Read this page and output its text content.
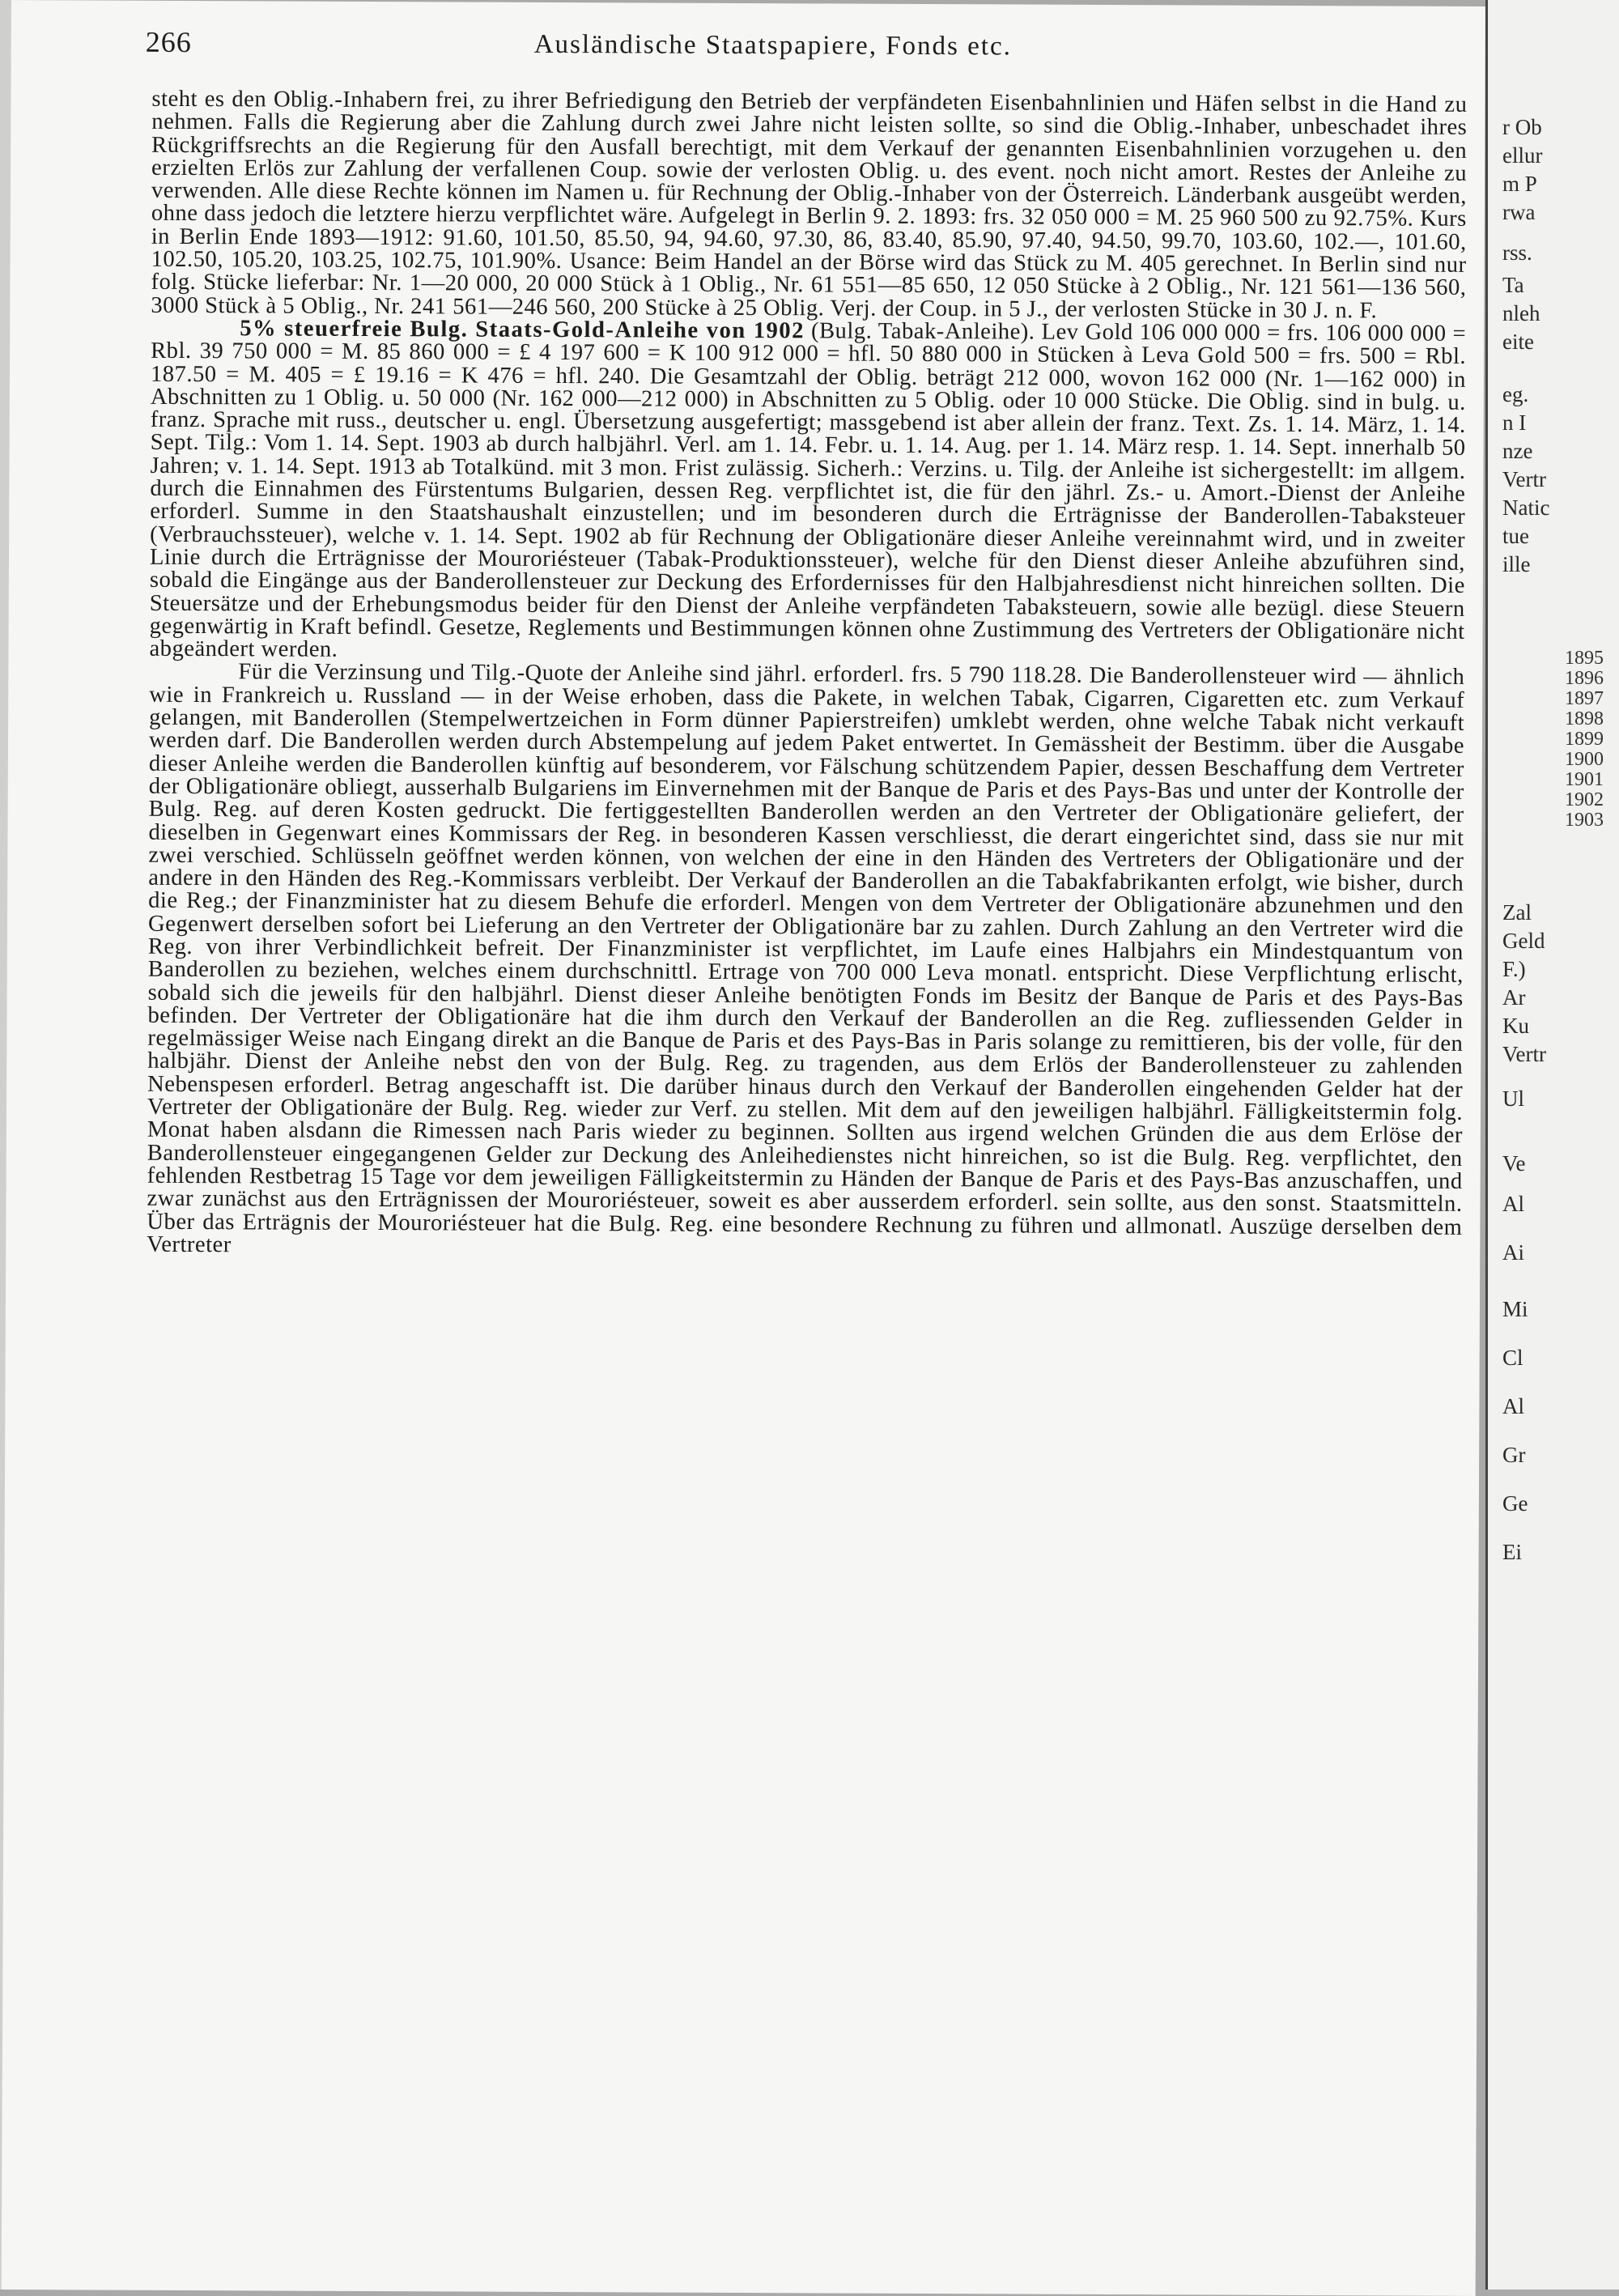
266	Ausländische Staatspapiere, Fonds etc.

steht es den Oblig.-Inhabern frei, zu ihrer Befriedigung den Betrieb der verpfändeten Eisenbahnlinien und Häfen selbst in die Hand zu nehmen. Falls die Regierung aber die Zahlung durch zwei Jahre nicht leisten sollte, so sind die Oblig.-Inhaber, unbeschadet ihres Rückgriffsrechts an die Regierung für den Ausfall berechtigt, mit dem Verkauf der genannten Eisenbahnlinien vorzugehen u. den erzielten Erlös zur Zahlung der verfallenen Coup. sowie der verlosten Oblig. u. des event. noch nicht amort. Restes der Anleihe zu verwenden. Alle diese Rechte können im Namen u. für Rechnung der Oblig.-Inhaber von der Österreich. Länderbank ausgeübt werden, ohne dass jedoch die letztere hierzu verpflichtet wäre. Aufgelegt in Berlin 9. 2. 1893: frs. 32 050 000 = M. 25 960 500 zu 92.75%. Kurs in Berlin Ende 1893—1912: 91.60, 101.50, 85.50, 94, 94.60, 97.30, 86, 83.40, 85.90, 97.40, 94.50, 99.70, 103.60, 102.—, 101.60, 102.50, 105.20, 103.25, 102.75, 101.90%. Usance: Beim Handel an der Börse wird das Stück zu M. 405 gerechnet. In Berlin sind nur folg. Stücke lieferbar: Nr. 1—20 000, 20 000 Stück à 1 Oblig., Nr. 61 551—85 650, 12 050 Stücke à 2 Oblig., Nr. 121 561—136 560, 3000 Stück à 5 Oblig., Nr. 241 561—246 560, 200 Stücke à 25 Oblig. Verj. der Coup. in 5 J., der verlosten Stücke in 30 J. n. F.

5% steuerfreie Bulg. Staats-Gold-Anleihe von 1902 (Bulg. Tabak-Anleihe). Lev Gold 106 000 000 = frs. 106 000 000 = Rbl. 39 750 000 = M. 85 860 000 = £ 4 197 600 = K 100 912 000 = hfl. 50 880 000 in Stücken à Leva Gold 500 = frs. 500 = Rbl. 187.50 = M. 405 = £ 19.16 = K 476 = hfl. 240. Die Gesamtzahl der Oblig. beträgt 212 000, wovon 162 000 (Nr. 1—162 000) in Abschnitten zu 1 Oblig. u. 50 000 (Nr. 162 000—212 000) in Abschnitten zu 5 Oblig. oder 10 000 Stücke. Die Oblig. sind in bulg. u. franz. Sprache mit russ., deutscher u. engl. Übersetzung ausgefertigt; massgebend ist aber allein der franz. Text. Zs. 1. 14. März, 1. 14. Sept. Tilg.: Vom 1. 14. Sept. 1903 ab durch halbjährl. Verl. am 1. 14. Febr. u. 1. 14. Aug. per 1. 14. März resp. 1. 14. Sept. innerhalb 50 Jahren; v. 1. 14. Sept. 1913 ab Totalkünd. mit 3 mon. Frist zulässig. Sicherh.: Verzins. u. Tilg. der Anleihe ist sichergestellt: im allgem. durch die Einnahmen des Fürstentums Bulgarien, dessen Reg. verpflichtet ist, die für den jährl. Zs.- u. Amort.-Dienst der Anleihe erforderl. Summe in den Staatshaushalt einzustellen; und im besonderen durch die Erträgnisse der Banderollen-Tabaksteuer (Verbrauchssteuer), welche v. 1. 14. Sept. 1902 ab für Rechnung der Obligationäre dieser Anleihe vereinnahmt wird, und in zweiter Linie durch die Erträgnisse der Mouroriésteuer (Tabak-Produktionssteuer), welche für den Dienst dieser Anleihe abzuführen sind, sobald die Eingänge aus der Banderollensteuer zur Deckung des Erfordernisses für den Halbjahresdienst nicht hinreichen sollten. Die Steuersätze und der Erhebungsmodus beider für den Dienst der Anleihe verpfändeten Tabaksteuern, sowie alle bezügl. diese Steuern gegenwärtig in Kraft befindl. Gesetze, Reglements und Bestimmungen können ohne Zustimmung des Vertreters der Obligationäre nicht abgeändert werden.

Für die Verzinsung und Tilg.-Quote der Anleihe sind jährl. erforderl. frs. 5 790 118.28. Die Banderollensteuer wird — ähnlich wie in Frankreich u. Russland — in der Weise erhoben, dass die Pakete, in welchen Tabak, Cigarren, Cigaretten etc. zum Verkauf gelangen, mit Banderollen (Stempelwertzeichen in Form dünner Papierstreifen) umklebt werden, ohne welche Tabak nicht verkauft werden darf. Die Banderollen werden durch Abstempelung auf jedem Paket entwertet. In Gemässheit der Bestimm. über die Ausgabe dieser Anleihe werden die Banderollen künftig auf besonderem, vor Fälschung schützendem Papier, dessen Beschaffung dem Vertreter der Obligationäre obliegt, ausserhalb Bulgariens im Einvernehmen mit der Banque de Paris et des Pays-Bas und unter der Kontrolle der Bulg. Reg. auf deren Kosten gedruckt. Die fertiggestellten Banderollen werden an den Vertreter der Obligationäre geliefert, der dieselben in Gegenwart eines Kommissars der Reg. in besonderen Kassen verschliesst, die derart eingerichtet sind, dass sie nur mit zwei verschied. Schlüsseln geöffnet werden können, von welchen der eine in den Händen des Vertreters der Obligationäre und der andere in den Händen des Reg.-Kommissars verbleibt. Der Verkauf der Banderollen an die Tabakfabrikanten erfolgt, wie bisher, durch die Reg.; der Finanzminister hat zu diesem Behufe die erforderl. Mengen von dem Vertreter der Obligationäre abzunehmen und den Gegenwert derselben sofort bei Lieferung an den Vertreter der Obligationäre bar zu zahlen. Durch Zahlung an den Vertreter wird die Reg. von ihrer Verbindlichkeit befreit. Der Finanzminister ist verpflichtet, im Laufe eines Halbjahrs ein Mindestquantum von Banderollen zu beziehen, welches einem durchschnittl. Ertrage von 700 000 Leva monatl. entspricht. Diese Verpflichtung erlischt, sobald sich die jeweils für den halbjährl. Dienst dieser Anleihe benötigten Fonds im Besitz der Banque de Paris et des Pays-Bas befinden. Der Vertreter der Obligationäre hat die ihm durch den Verkauf der Banderollen an die Reg. zufliessenden Gelder in regelmässiger Weise nach Eingang direkt an die Banque de Paris et des Pays-Bas in Paris solange zu remittieren, bis der volle, für den halbjähr. Dienst der Anleihe nebst den von der Bulg. Reg. zu tragenden, aus dem Erlös der Banderollensteuer zu zahlenden Nebenspesen erforderl. Betrag angeschafft ist. Die darüber hinaus durch den Verkauf der Banderollen eingehenden Gelder hat der Vertreter der Obligationäre der Bulg. Reg. wieder zur Verf. zu stellen. Mit dem auf den jeweiligen halbjährl. Fälligkeitstermin folg. Monat haben alsdann die Rimessen nach Paris wieder zu beginnen. Sollten aus irgend welchen Gründen die aus dem Erlöse der Banderollensteuer eingegangenen Gelder zur Deckung des Anleihedienstes nicht hinreichen, so ist die Bulg. Reg. verpflichtet, den fehlenden Restbetrag 15 Tage vor dem jeweiligen Fälligkeitstermin zu Händen der Banque de Paris et des Pays-Bas anzuschaffen, und zwar zunächst aus den Erträgnissen der Mouroriésteuer, soweit es aber ausserdem erforderl. sein sollte, aus den sonst. Staatsmitteln. Über das Erträgnis der Mouroriésteuer hat die Bulg. Reg. eine besondere Rechnung zu führen und allmonatl. Auszüge derselben dem Vertreter

r Ob
ellur
m P
rwa
rss.
Ta
nleh
eite
eg.
n I
nze
Vertr
Natic
tue
ille
Zal
Geld
F.)
Ar
Ku
Vertr
Ul
Ve
Al
Ai
Mi
Cl
Al
Gr
Ge
Ei
1895
1896
1897
1898
1899
1900
1901
1902
1903
